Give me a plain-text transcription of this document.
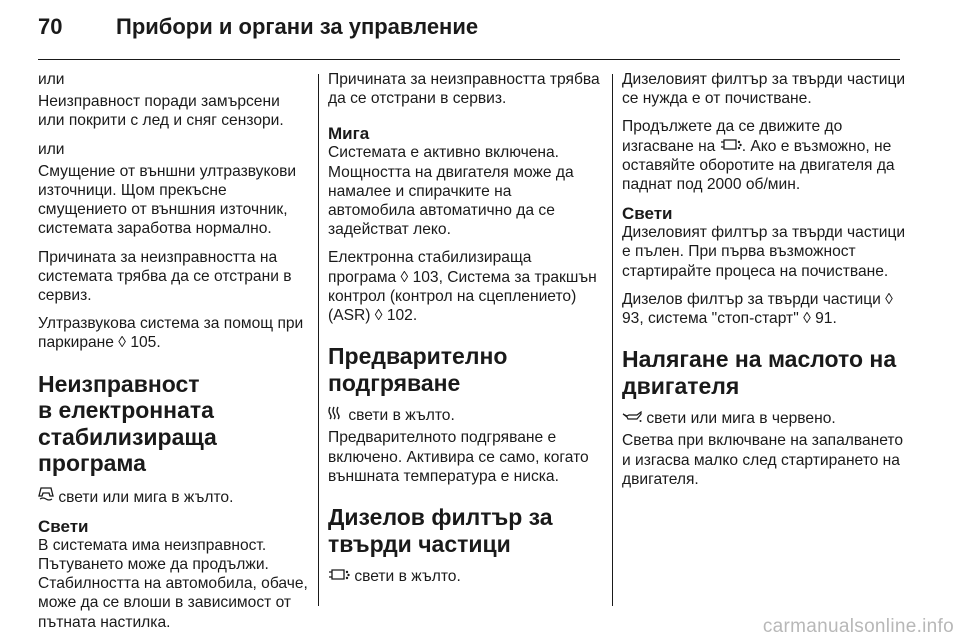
70 Прибори и органи за управление

или

Неизправност поради замърсени или покрити с лед и сняг сензори.

или

Смущение от външни ултразвукови източници. Щом прекъсне смущението от външния източник, системата заработва нормално.

Причината за неизправността на системата трябва да се отстрани в сервиз.

Ултразвукова система за помощ при паркиране ◊ 105.

Неизправност
в електронната
стабилизираща
програма

свети или мига в жълто.

Свети

В системата има неизправност. Пътуването може да продължи. Стабилността на автомобила, обаче, може да се влоши в зависимост от пътната настилка.

Причината за неизправността трябва да се отстрани в сервиз.

Мига

Системата е активно включена. Мощността на двигателя може да намалее и спирачките на автомобила автоматично да се задействат леко.

Електронна стабилизираща програма ◊ 103, Система за тракшън контрол (контрол на сцеплението) (ASR) ◊ 102.

Предварително
подгряване

свети в жълто.

Предварителното подгряване е включено. Активира се само, когато външната температура е ниска.

Дизелов филтър за
твърди частици

свети в жълто.

Дизеловият филтър за твърди частици се нужда е от почистване.

Продължете да се движите до изгасване на . Ако е възможно, не оставяйте оборотите на двигателя да паднат под 2000 об/мин.

Свети

Дизеловият филтър за твърди частици е пълен. При първа възможност стартирайте процеса на почистване.

Дизелов филтър за твърди частици ◊ 93, система "стоп-старт" ◊ 91.

Налягане на маслото на
двигателя

свети или мига в червено.

Светва при включване на запалването и изгасва малко след стартирането на двигателя.

carmanualsonline.info
